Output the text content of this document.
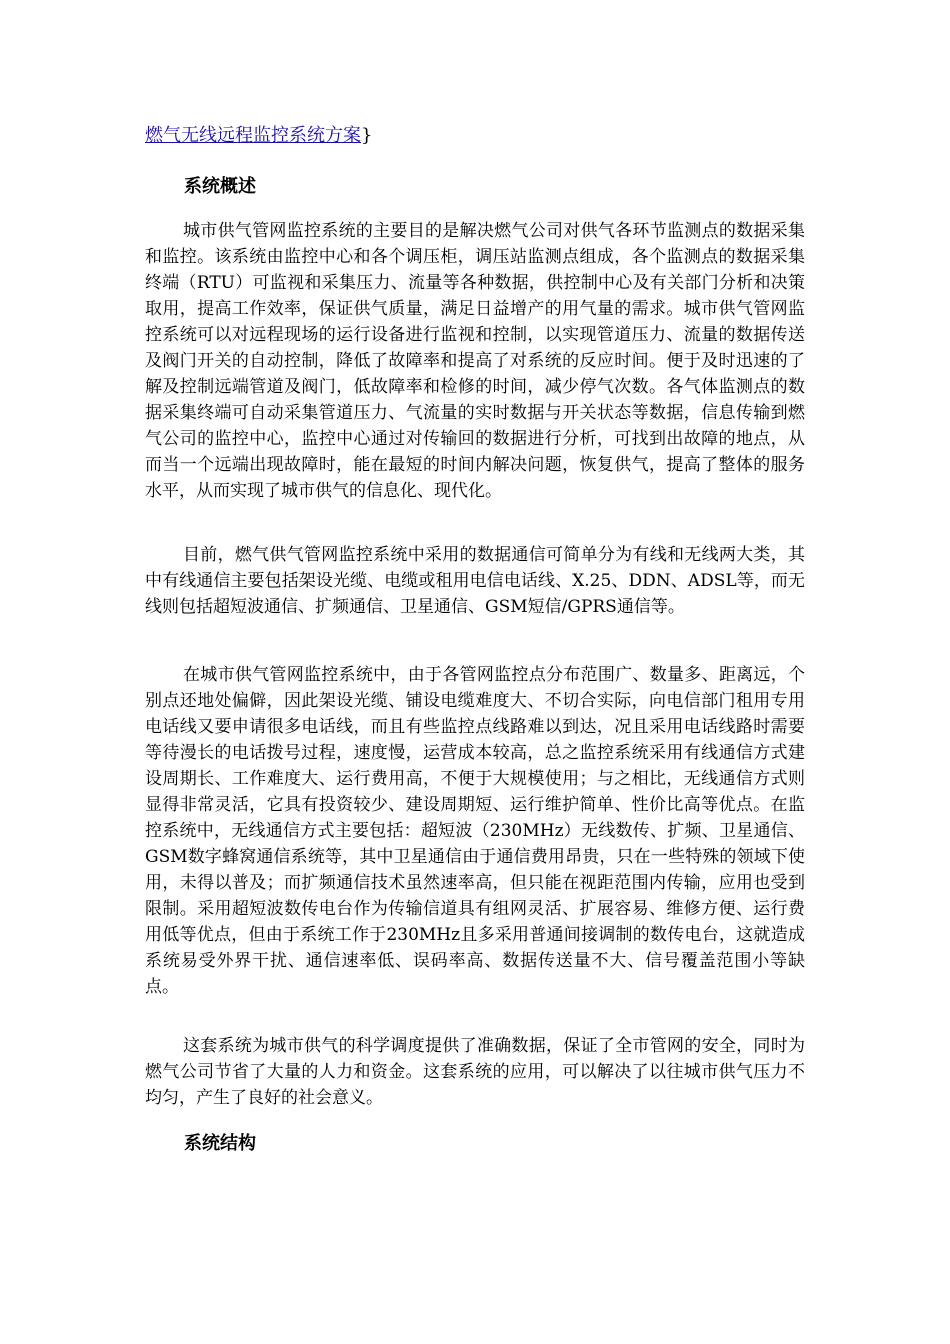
燃气无线远程监控系统方案}
系统概述

城市供气管网监控系统的主要目的是解决燃气公司对供气各环节监测点的数据采集和监控。该系统由监控中心和各个调压柜，调压站监测点组成，各个监测点的数据采集终端（RTU）可监视和采集压力、流量等各种数据，供控制中心及有关部门分析和决策取用，提高工作效率，保证供气质量，满足日益增产的用气量的需求。城市供气管网监控系统可以对远程现场的运行设备进行监视和控制，以实现管道压力、流量的数据传送及阀门开关的自动控制，降低了故障率和提高了对系统的反应时间。便于及时迅速的了解及控制远端管道及阀门，低故障率和检修的时间，减少停气次数。各气体监测点的数据采集终端可自动采集管道压力、气流量的实时数据与开关状态等数据，信息传输到燃气公司的监控中心，监控中心通过对传输回的数据进行分析，可找到出故障的地点，从而当一个远端出现故障时，能在最短的时间内解决问题，恢复供气，提高了整体的服务水平，从而实现了城市供气的信息化、现代化。

目前，燃气供气管网监控系统中采用的数据通信可简单分为有线和无线两大类，其中有线通信主要包括架设光缆、电缆或租用电信电话线、X.25、DDN、ADSL等，而无线则包括超短波通信、扩频通信、卫星通信、GSM短信/GPRS通信等。

在城市供气管网监控系统中，由于各管网监控点分布范围广、数量多、距离远，个别点还地处偏僻，因此架设光缆、铺设电缆难度大、不切合实际，向电信部门租用专用电话线又要申请很多电话线，而且有些监控点线路难以到达，况且采用电话线路时需要等待漫长的电话拨号过程，速度慢，运营成本较高，总之监控系统采用有线通信方式建设周期长、工作难度大、运行费用高，不便于大规模使用；与之相比，无线通信方式则显得非常灵活，它具有投资较少、建设周期短、运行维护简单、性价比高等优点。在监控系统中，无线通信方式主要包括：超短波（230MHz）无线数传、扩频、卫星通信、GSM数字蜂窝通信系统等，其中卫星通信由于通信费用昂贵，只在一些特殊的领域下使用，未得以普及；而扩频通信技术虽然速率高，但只能在视距范围内传输，应用也受到限制。采用超短波数传电台作为传输信道具有组网灵活、扩展容易、维修方便、运行费用低等优点，但由于系统工作于230MHz且多采用普通间接调制的数传电台，这就造成系统易受外界干扰、通信速率低、误码率高、数据传送量不大、信号覆盖范围小等缺点。

这套系统为城市供气的科学调度提供了准确数据，保证了全市管网的安全，同时为燃气公司节省了大量的人力和资金。这套系统的应用，可以解决了以往城市供气压力不均匀，产生了良好的社会意义。

系统结构
